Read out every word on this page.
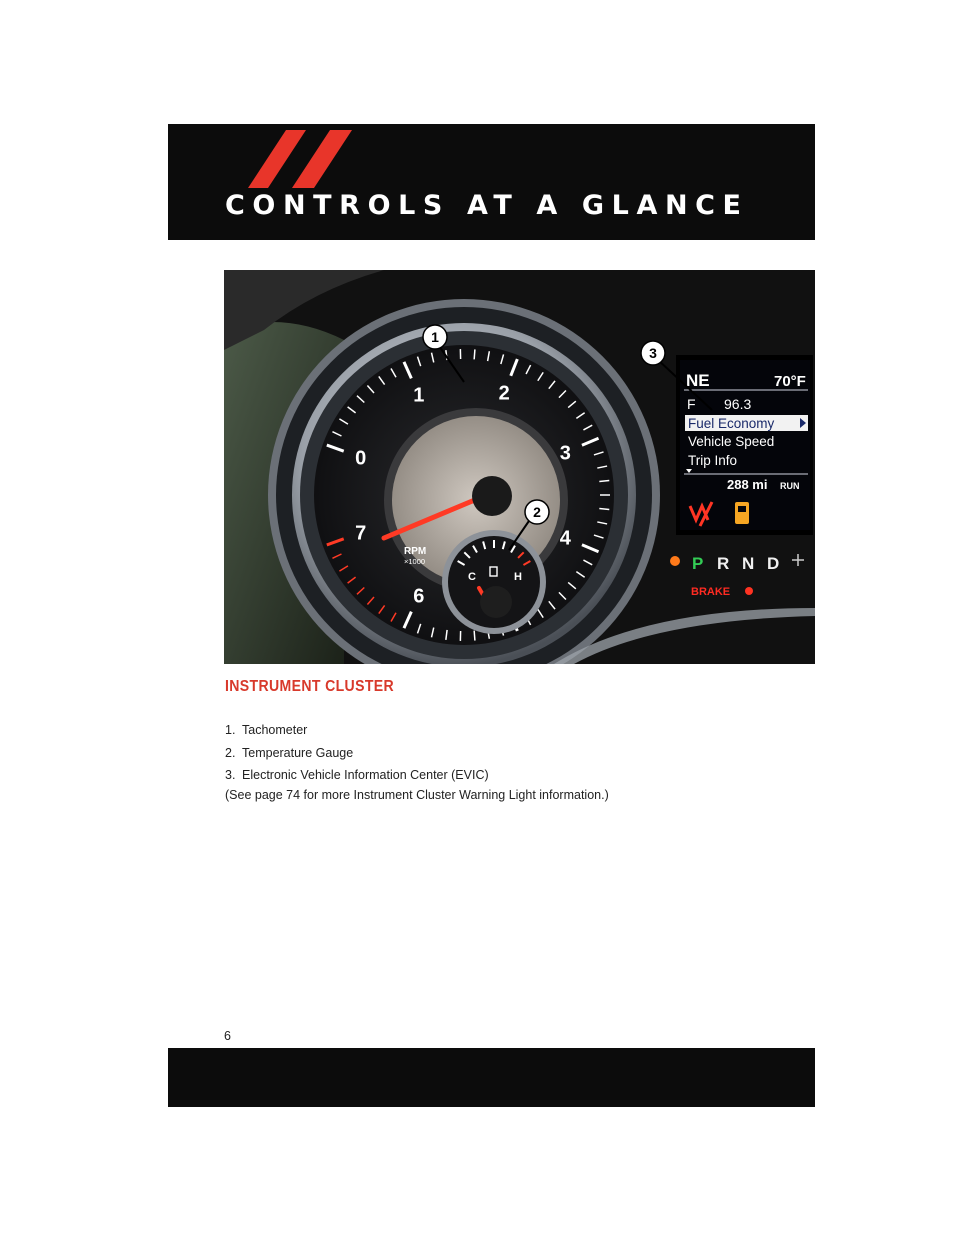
CONTROLS AT A GLANCE
0
1	2
3
4
6
7
RPM
×1000
C	H
NE	70°F
F 96.3
Fuel Economy
Vehicle Speed
Trip Info
288 mi RUN
P R N D
BRAKE
1
2
3
INSTRUMENT CLUSTER
1. Tachometer
2. Temperature Gauge
3. Electronic Vehicle Information Center (EVIC)
(See page 74 for more Instrument Cluster Warning Light information.)
6
